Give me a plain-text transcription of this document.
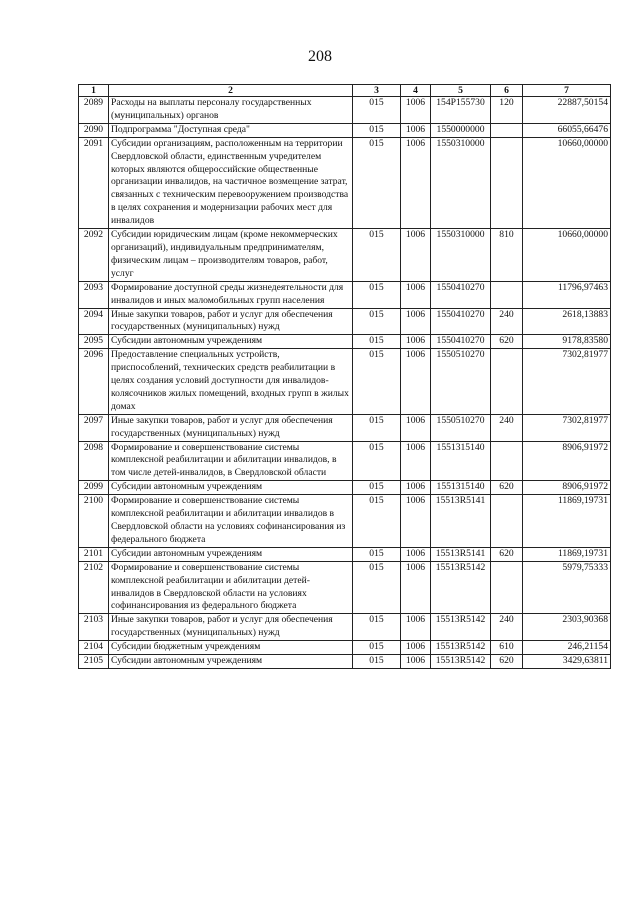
208
1	2	3	4	5	6	7
2089	Расходы на выплаты персоналу государственных (муниципальных) органов	015	1006	154P155730	120	22887,50154
2090	Подпрограмма "Доступная среда"	015	1006	1550000000		66055,66476
2091	Субсидии организациям, расположенным на территории Свердловской области, единственным учредителем которых являются общероссийские общественные организации инвалидов, на частичное возмещение затрат, связанных с техническим перевооружением производства в целях сохранения и модернизации рабочих мест для инвалидов	015	1006	1550310000		10660,00000
2092	Субсидии юридическим лицам (кроме некоммерческих организаций), индивидуальным предпринимателям, физическим лицам – производителям товаров, работ, услуг	015	1006	1550310000	810	10660,00000
2093	Формирование доступной среды жизнедеятельности для инвалидов и иных маломобильных групп населения	015	1006	1550410270		11796,97463
2094	Иные закупки товаров, работ и услуг для обеспечения государственных (муниципальных) нужд	015	1006	1550410270	240	2618,13883
2095	Субсидии автономным учреждениям	015	1006	1550410270	620	9178,83580
2096	Предоставление специальных устройств, приспособлений, технических средств реабилитации в целях создания условий доступности для инвалидов-колясочников жилых помещений, входных групп в жилых домах	015	1006	1550510270		7302,81977
2097	Иные закупки товаров, работ и услуг для обеспечения государственных (муниципальных) нужд	015	1006	1550510270	240	7302,81977
2098	Формирование и совершенствование системы комплексной реабилитации и абилитации инвалидов, в том числе детей-инвалидов, в Свердловской области	015	1006	1551315140		8906,91972
2099	Субсидии автономным учреждениям	015	1006	1551315140	620	8906,91972
2100	Формирование и совершенствование системы комплексной реабилитации и абилитации инвалидов в Свердловской области на условиях софинансирования из федерального бюджета	015	1006	15513R5141		11869,19731
2101	Субсидии автономным учреждениям	015	1006	15513R5141	620	11869,19731
2102	Формирование и совершенствование системы комплексной реабилитации и абилитации детей-инвалидов в Свердловской области на условиях софинансирования из федерального бюджета	015	1006	15513R5142		5979,75333
2103	Иные закупки товаров, работ и услуг для обеспечения государственных (муниципальных) нужд	015	1006	15513R5142	240	2303,90368
2104	Субсидии бюджетным учреждениям	015	1006	15513R5142	610	246,21154
2105	Субсидии автономным учреждениям	015	1006	15513R5142	620	3429,63811
